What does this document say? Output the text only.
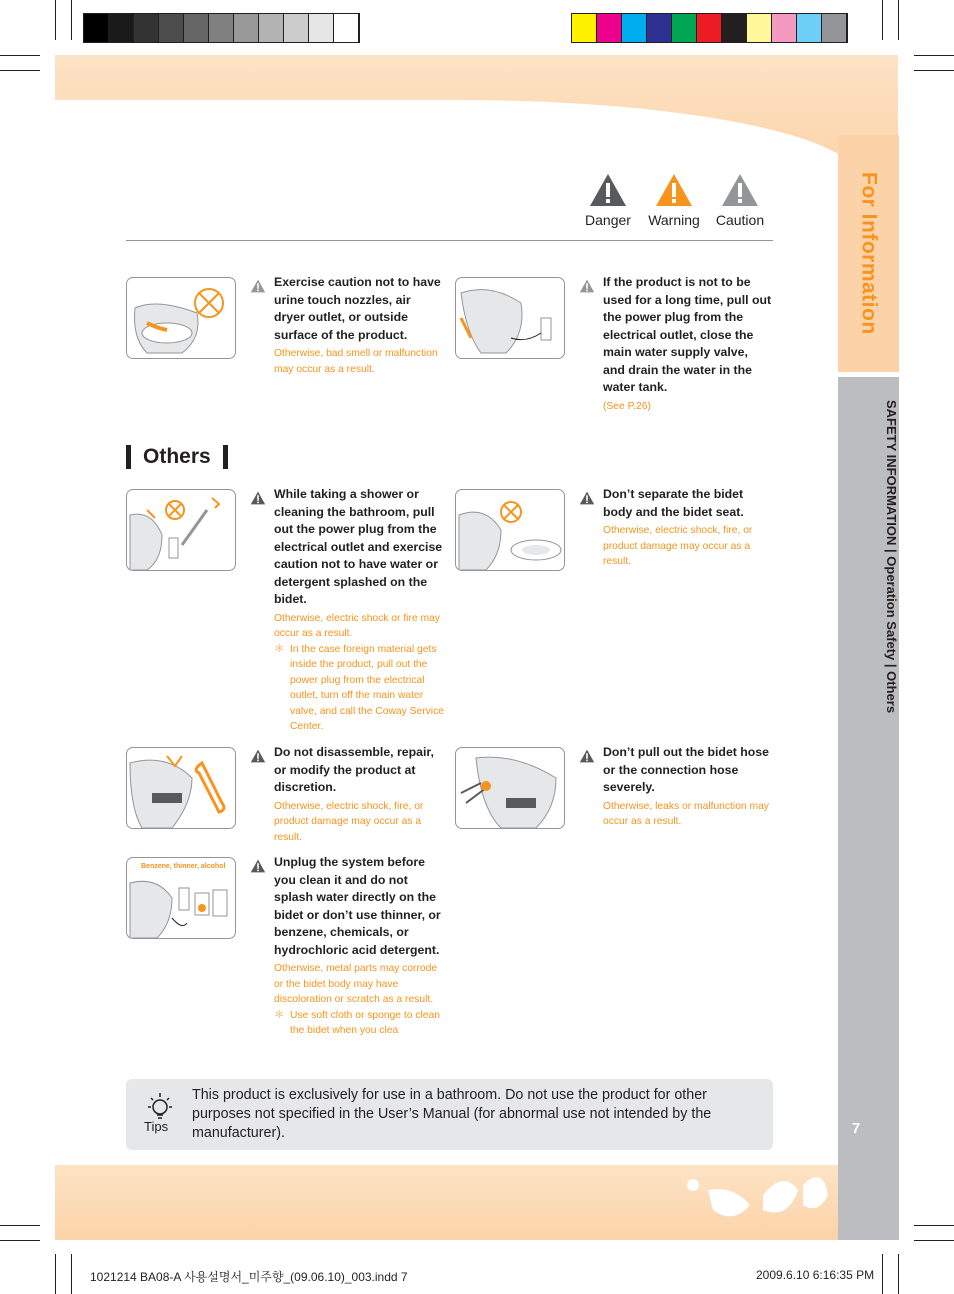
For Information
SAFETY INFORMATION | Operation Safety | Others
7
Danger	Warning	Caution
Exercise caution not to have urine touch nozzles, air dryer outlet, or outside surface of the product.
Otherwise, bad smell or malfunction may occur as a result.
If the product is not to be used for a long time, pull out the power plug from the electrical outlet, close the main water supply valve, and drain the water in the water tank.
(See P.26)
Others
While taking a shower or cleaning the bathroom, pull out the power plug from the electrical outlet and exercise caution not to have water or detergent splashed on the bidet.
Otherwise, electric shock or fire may occur as a result.
＊ In the case foreign material gets inside the product, pull out the power plug from the electrical outlet, turn off the main water valve, and call the Coway Service Center.
Don’t separate the bidet body and the bidet seat.
Otherwise, electric shock, fire, or product damage may occur as a result.
Do not disassemble, repair, or modify the product at discretion.
Otherwise, electric shock, fire, or product damage may occur as a result.
Don’t pull out the bidet hose or the connection hose severely.
Otherwise, leaks or malfunction may occur as a result.
Benzene, thinner, alcohol	Unplug the system before you clean it and do not splash water directly on the bidet or don’t use thinner, or benzene, chemicals, or hydrochloric acid detergent.
Otherwise, metal parts may corrode or the bidet body may have discoloration or scratch as a result.
＊ Use soft cloth or sponge to clean the bidet when you clea
Tips
This product is exclusively for use in a bathroom. Do not use the product for other purposes not specified in the User’s Manual (for abnormal use not intended by the manufacturer).
1021214 BA08-A 사용설명서_미주향_(09.06.10)_003.indd 7	2009.6.10 6:16:35 PM
